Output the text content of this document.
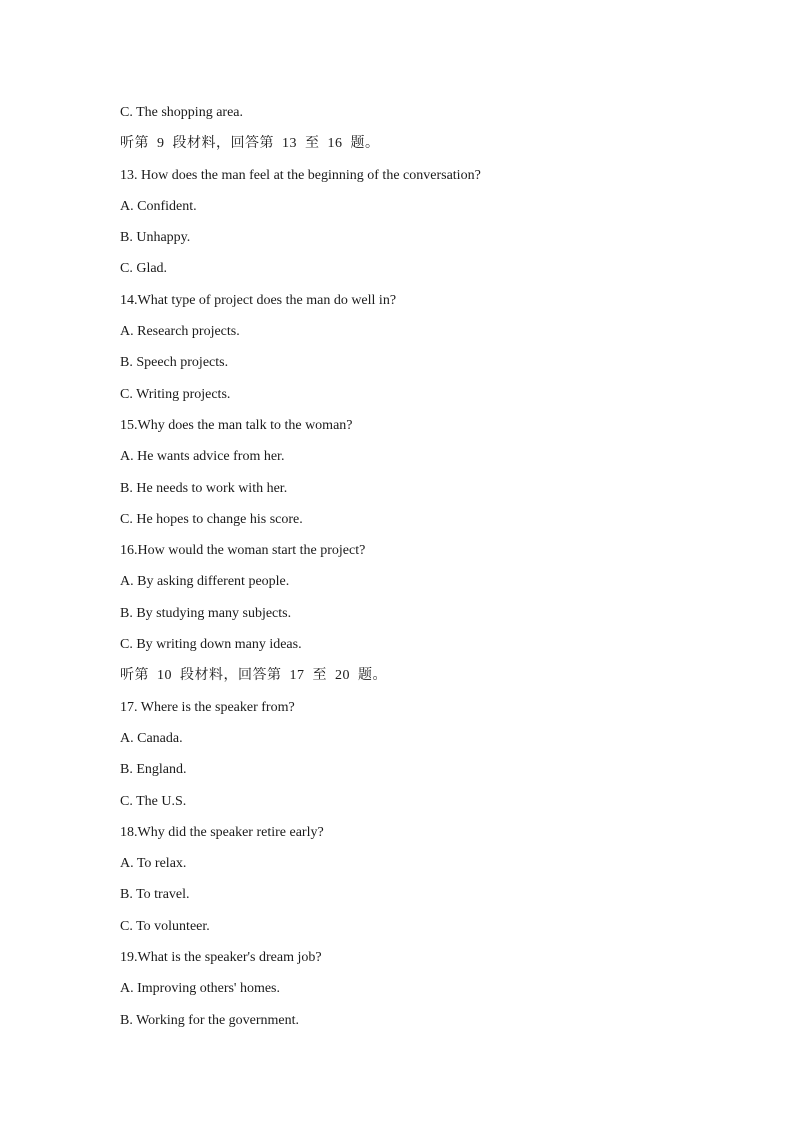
C. The shopping area.
听第 9 段材料，回答第 13 至 16 题。
13. How does the man feel at the beginning of the conversation?
A. Confident.
B. Unhappy.
C. Glad.
14.What type of project does the man do well in?
A. Research projects.
B. Speech projects.
C. Writing projects.
15.Why does the man talk to the woman?
A. He wants advice from her.
B. He needs to work with her.
C. He hopes to change his score.
16.How would the woman start the project?
A. By asking different people.
B. By studying many subjects.
C. By writing down many ideas.
听第 10 段材料，回答第 17 至 20 题。
17. Where is the speaker from?
A. Canada.
B. England.
C. The U.S.
18.Why did the speaker retire early?
A. To relax.
B. To travel.
C. To volunteer.
19.What is the speaker's dream job?
A. Improving others' homes.
B. Working for the government.
